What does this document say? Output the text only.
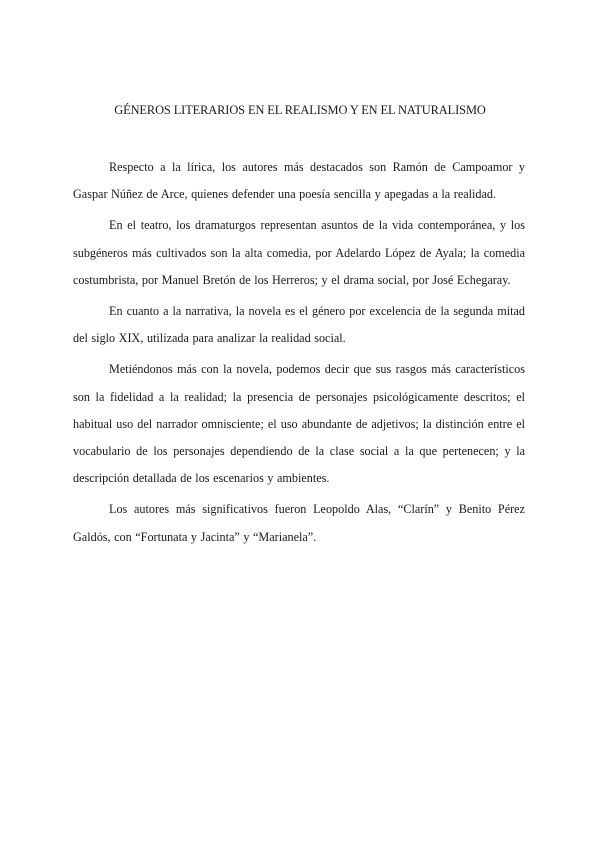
GÉNEROS LITERARIOS EN EL REALISMO Y EN EL NATURALISMO

Respecto a la lírica, los autores más destacados son Ramón de Campoamor y Gaspar Núñez de Arce, quienes defender una poesía sencilla y apegadas a la realidad.

En el teatro, los dramaturgos representan asuntos de la vida contemporánea, y los subgéneros más cultivados son la alta comedia, por Adelardo López de Ayala; la comedia costumbrista, por Manuel Bretón de los Herreros; y el drama social, por José Echegaray.

En cuanto a la narrativa, la novela es el género por excelencia de la segunda mitad del siglo XIX, utilizada para analizar la realidad social.

Metiéndonos más con la novela, podemos decir que sus rasgos más característicos son la fidelidad a la realidad; la presencia de personajes psicológicamente descritos; el habitual uso del narrador omnisciente; el uso abundante de adjetivos; la distinción entre el vocabulario de los personajes dependiendo de la clase social a la que pertenecen; y la descripción detallada de los escenarios y ambientes.

Los autores más significativos fueron Leopoldo Alas, “Clarín” y Benito Pérez Galdós, con “Fortunata y Jacinta” y “Marianela”.
